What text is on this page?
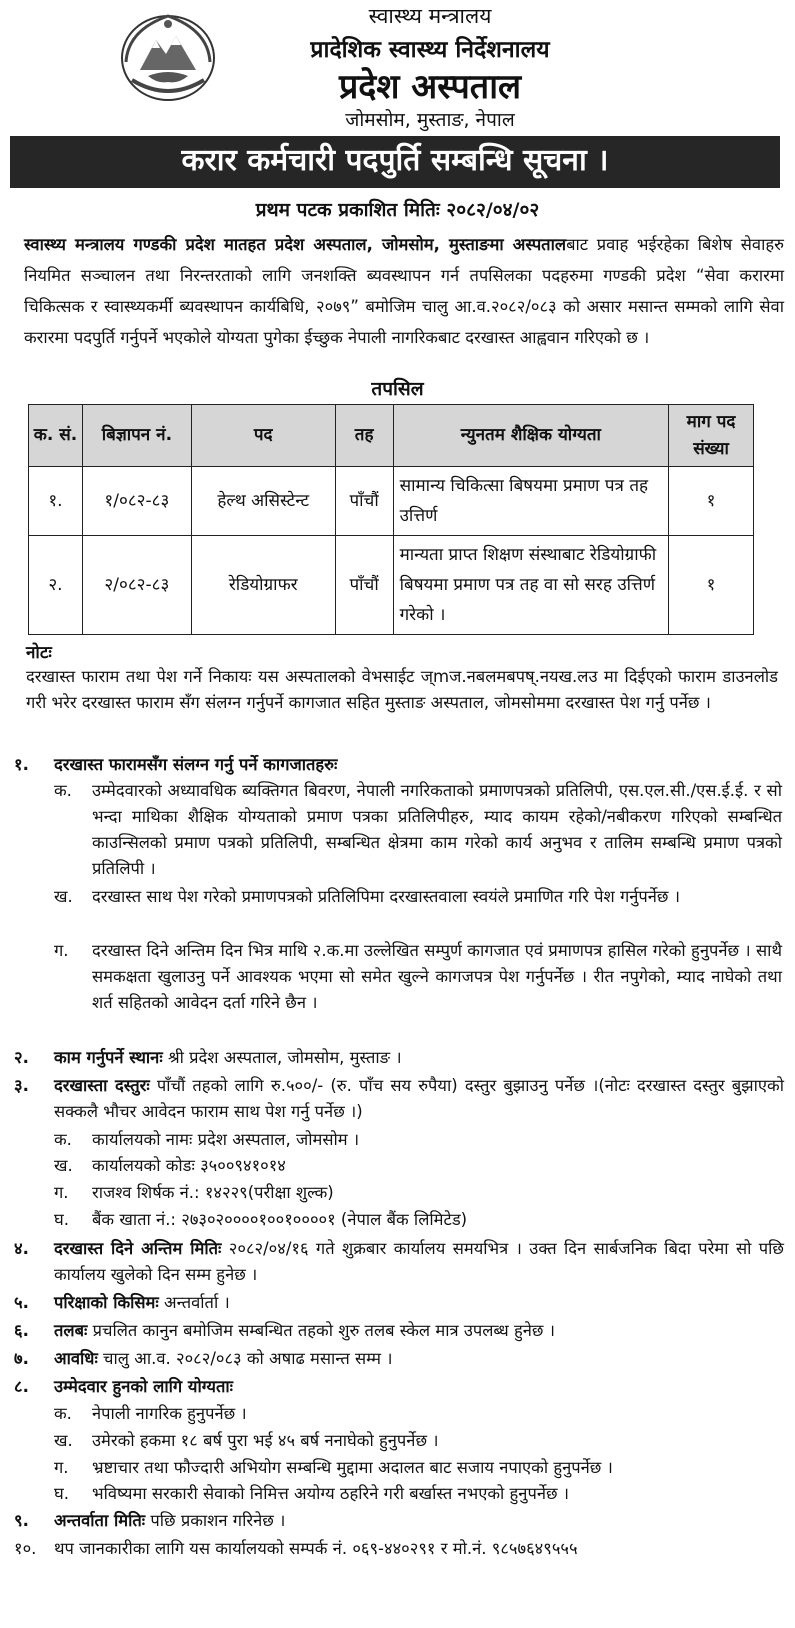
स्वास्थ्य मन्त्रालय
प्रादेशिक स्वास्थ्य निर्देशनालय
प्रदेश अस्पताल
जोमसोम, मुस्ताङ, नेपाल
करार कर्मचारी पदपुर्ति सम्बन्धि सूचना ।
प्रथम पटक प्रकाशित मितिः २०८२/०४/०२
स्वास्थ्य मन्त्रालय गण्डकी प्रदेश मातहत प्रदेश अस्पताल, जोमसोम, मुस्ताङमा अस्पतालबाट प्रवाह भईरहेका बिशेष सेवाहरु नियमित सञ्चालन तथा निरन्तरताको लागि जनशक्ति ब्यवस्थापन गर्न तपसिलका पदहरुमा गण्डकी प्रदेश “सेवा करारमा चिकित्सक र स्वास्थ्यकर्मी ब्यवस्थापन कार्यबिधि, २०७९” बमोजिम चालु आ.व.२०८२/०८३ को असार मसान्त सम्मको लागि सेवा करारमा पदपुर्ति गर्नुपर्ने भएकोले योग्यता पुगेका ईच्छुक नेपाली नागरिकबाट दरखास्त आह्ववान गरिएको छ ।
तपसिल
क. सं.	बिज्ञापन नं.	पद	तह	न्युनतम शैक्षिक योग्यता	माग पद संख्या
१.	१/०८२-८३	हेल्थ असिस्टेन्ट	पाँचौं	सामान्य चिकित्सा बिषयमा प्रमाण पत्र तह उत्तिर्ण	१
२.	२/०८२-८३	रेडियोग्राफर	पाँचौं	मान्यता प्राप्त शिक्षण संस्थाबाट रेडियोग्राफी बिषयमा प्रमाण पत्र तह वा सो सरह उत्तिर्ण गरेको ।	१
नोटः
दरखास्त फाराम तथा पेश गर्ने निकायः यस अस्पतालको वेभसाईट ज्mज.नबलमबपष्.नयख.लउ मा दिईएको फाराम डाउनलोड गरी भरेर दरखास्त फाराम सँग संलग्न गर्नुपर्ने कागजात सहित मुस्ताङ अस्पताल, जोमसोममा दरखास्त पेश गर्नु पर्नेछ ।
१. दरखास्त फारामसँग संलग्न गर्नु पर्ने कागजातहरुः
क. उम्मेदवारको अध्यावधिक ब्यक्तिगत बिवरण, नेपाली नगरिकताको प्रमाणपत्रको प्रतिलिपी, एस.एल.सी./एस.ई.ई. र सो भन्दा माथिका शैक्षिक योग्यताको प्रमाण पत्रका प्रतिलिपीहरु, म्याद कायम रहेको/नबीकरण गरिएको सम्बन्धित काउन्सिलको प्रमाण पत्रको प्रतिलिपी, सम्बन्धित क्षेत्रमा काम गरेको कार्य अनुभव र तालिम सम्बन्धि प्रमाण पत्रको प्रतिलिपी ।
ख. दरखास्त साथ पेश गरेको प्रमाणपत्रको प्रतिलिपिमा दरखास्तवाला स्वयंले प्रमाणित गरि पेश गर्नुपर्नेछ ।
ग. दरखास्त दिने अन्तिम दिन भित्र माथि २.क.मा उल्लेखित सम्पुर्ण कागजात एवं प्रमाणपत्र हासिल गरेको हुनुपर्नेछ । साथै समकक्षता खुलाउनु पर्ने आवश्यक भएमा सो समेत खुल्ने कागजपत्र पेश गर्नुपर्नेछ । रीत नपुगेको, म्याद नाघेको तथा शर्त सहितको आवेदन दर्ता गरिने छैन ।
२. काम गर्नुपर्ने स्थानः श्री प्रदेश अस्पताल, जोमसोम, मुस्ताङ ।
३. दरखास्ता दस्तुरः पाँचौं तहको लागि रु.५००/- (रु. पाँच सय रुपैया) दस्तुर बुझाउनु पर्नेछ ।(नोटः दरखास्त दस्तुर बुझाएको सक्कलै भौचर आवेदन फाराम साथ पेश गर्नु पर्नेछ ।)
क. कार्यालयको नामः प्रदेश अस्पताल, जोमसोम ।
ख. कार्यालयको कोडः ३५००९४१०१४
ग. राजश्व शिर्षक नं.: १४२२९(परीक्षा शुल्क)
घ. बैंक खाता नं.: २७३०२००००१००१००००१ (नेपाल बैंक लिमिटेड)
४. दरखास्त दिने अन्तिम मितिः २०८२/०४/१६ गते शुक्रबार कार्यालय समयभित्र । उक्त दिन सार्बजनिक बिदा परेमा सो पछि कार्यालय खुलेको दिन सम्म हुनेछ ।
५. परिक्षाको किसिमः अन्तर्वार्ता ।
६. तलबः प्रचलित कानुन बमोजिम सम्बन्धित तहको शुरु तलब स्केल मात्र उपलब्ध हुनेछ ।
७. आवधिः चालु आ.व. २०८२/०८३ को अषाढ मसान्त सम्म ।
८. उम्मेदवार हुनको लागि योग्यताः
क. नेपाली नागरिक हुनुपर्नेछ ।
ख. उमेरको हकमा १८ बर्ष पुरा भई ४५ बर्ष ननाघेको हुनुपर्नेछ ।
ग. भ्रष्टाचार तथा फौज्दारी अभियोग सम्बन्धि मुद्दामा अदालत बाट सजाय नपाएको हुनुपर्नेछ ।
घ. भविष्यमा सरकारी सेवाको निमित्त अयोग्य ठहरिने गरी बर्खास्त नभएको हुनुपर्नेछ ।
९. अन्तर्वाता मितिः पछि प्रकाशन गरिनेछ ।
१०. थप जानकारीका लागि यस कार्यालयको सम्पर्क नं. ०६९-४४०२९१ र मो.नं. ९८५७६४९५५५
